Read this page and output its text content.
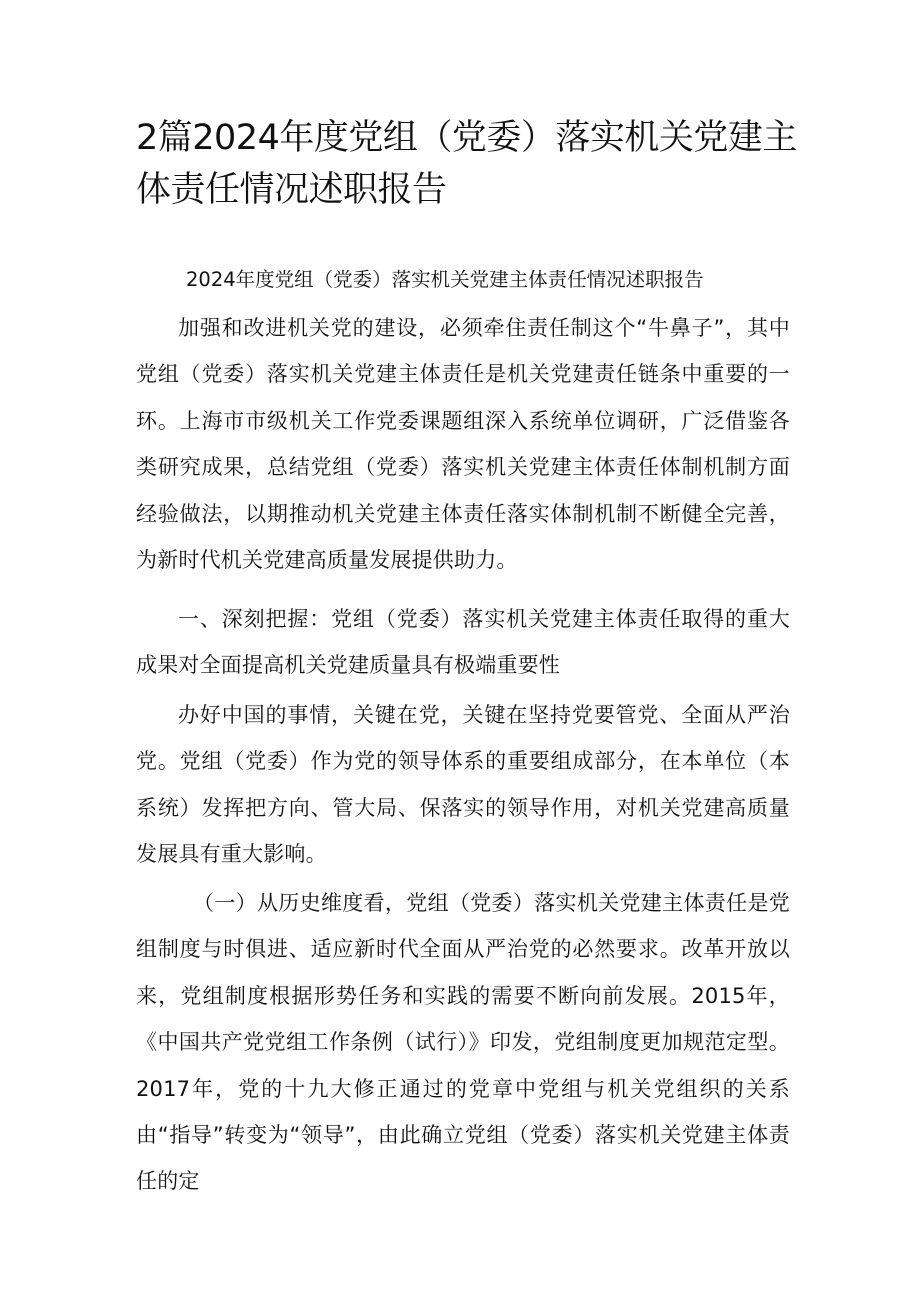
2篇2024年度党组（党委）落实机关党建主体责任情况述职报告

2024年度党组（党委）落实机关党建主体责任情况述职报告

加强和改进机关党的建设，必须牵住责任制这个“牛鼻子”，其中党组（党委）落实机关党建主体责任是机关党建责任链条中重要的一环。上海市市级机关工作党委课题组深入系统单位调研，广泛借鉴各类研究成果，总结党组（党委）落实机关党建主体责任体制机制方面经验做法，以期推动机关党建主体责任落实体制机制不断健全完善，为新时代机关党建高质量发展提供助力。

一、深刻把握：党组（党委）落实机关党建主体责任取得的重大成果对全面提高机关党建质量具有极端重要性

办好中国的事情，关键在党，关键在坚持党要管党、全面从严治党。党组（党委）作为党的领导体系的重要组成部分，在本单位（本系统）发挥把方向、管大局、保落实的领导作用，对机关党建高质量发展具有重大影响。

（一）从历史维度看，党组（党委）落实机关党建主体责任是党组制度与时俱进、适应新时代全面从严治党的必然要求。改革开放以来，党组制度根据形势任务和实践的需要不断向前发展。2015年，《中国共产党党组工作条例（试行）》印发，党组制度更加规范定型。2017年，党的十九大修正通过的党章中党组与机关党组织的关系由“指导”转变为“领导”，由此确立党组（党委）落实机关党建主体责任的定
